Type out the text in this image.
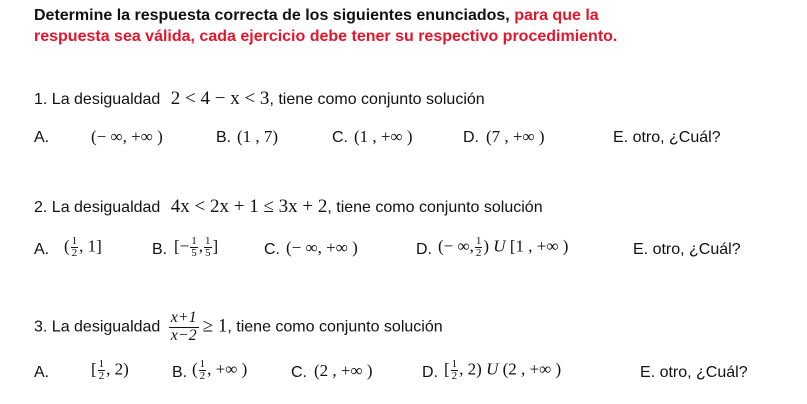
Determine la respuesta correcta de los siguientes enunciados, para que la
respuesta sea válida, cada ejercicio debe tener su respectivo procedimiento.
1. La desigualdad 2 < 4 − x < 3, tiene como conjunto solución
A. (− ∞, +∞ )	B. (1 , 7)	C. (1 , +∞ )	D. (7 , +∞ )	E. otro, ¿Cuál?
2. La desigualdad 4x < 2x + 1 ≤ 3x + 2, tiene como conjunto solución
A. ( $\frac{1}{2}$ , 1]	B. [− $\frac{1}{5}$ , $\frac{1}{5}$ ]	C. (− ∞, +∞ )	D. (− ∞, $\frac{1}{2}$ ) U [1 , +∞ )	E. otro, ¿Cuál?
3. La desigualdad $\frac{x+1}{x-2} \ge 1$, tiene como conjunto solución
A. [ $\frac{1}{2}$ , 2)	B. ( $\frac{1}{2}$ , +∞ )	C. (2 , +∞ )	D. [ $\frac{1}{2}$ , 2) U (2 , +∞ )	E. otro, ¿Cuál?
